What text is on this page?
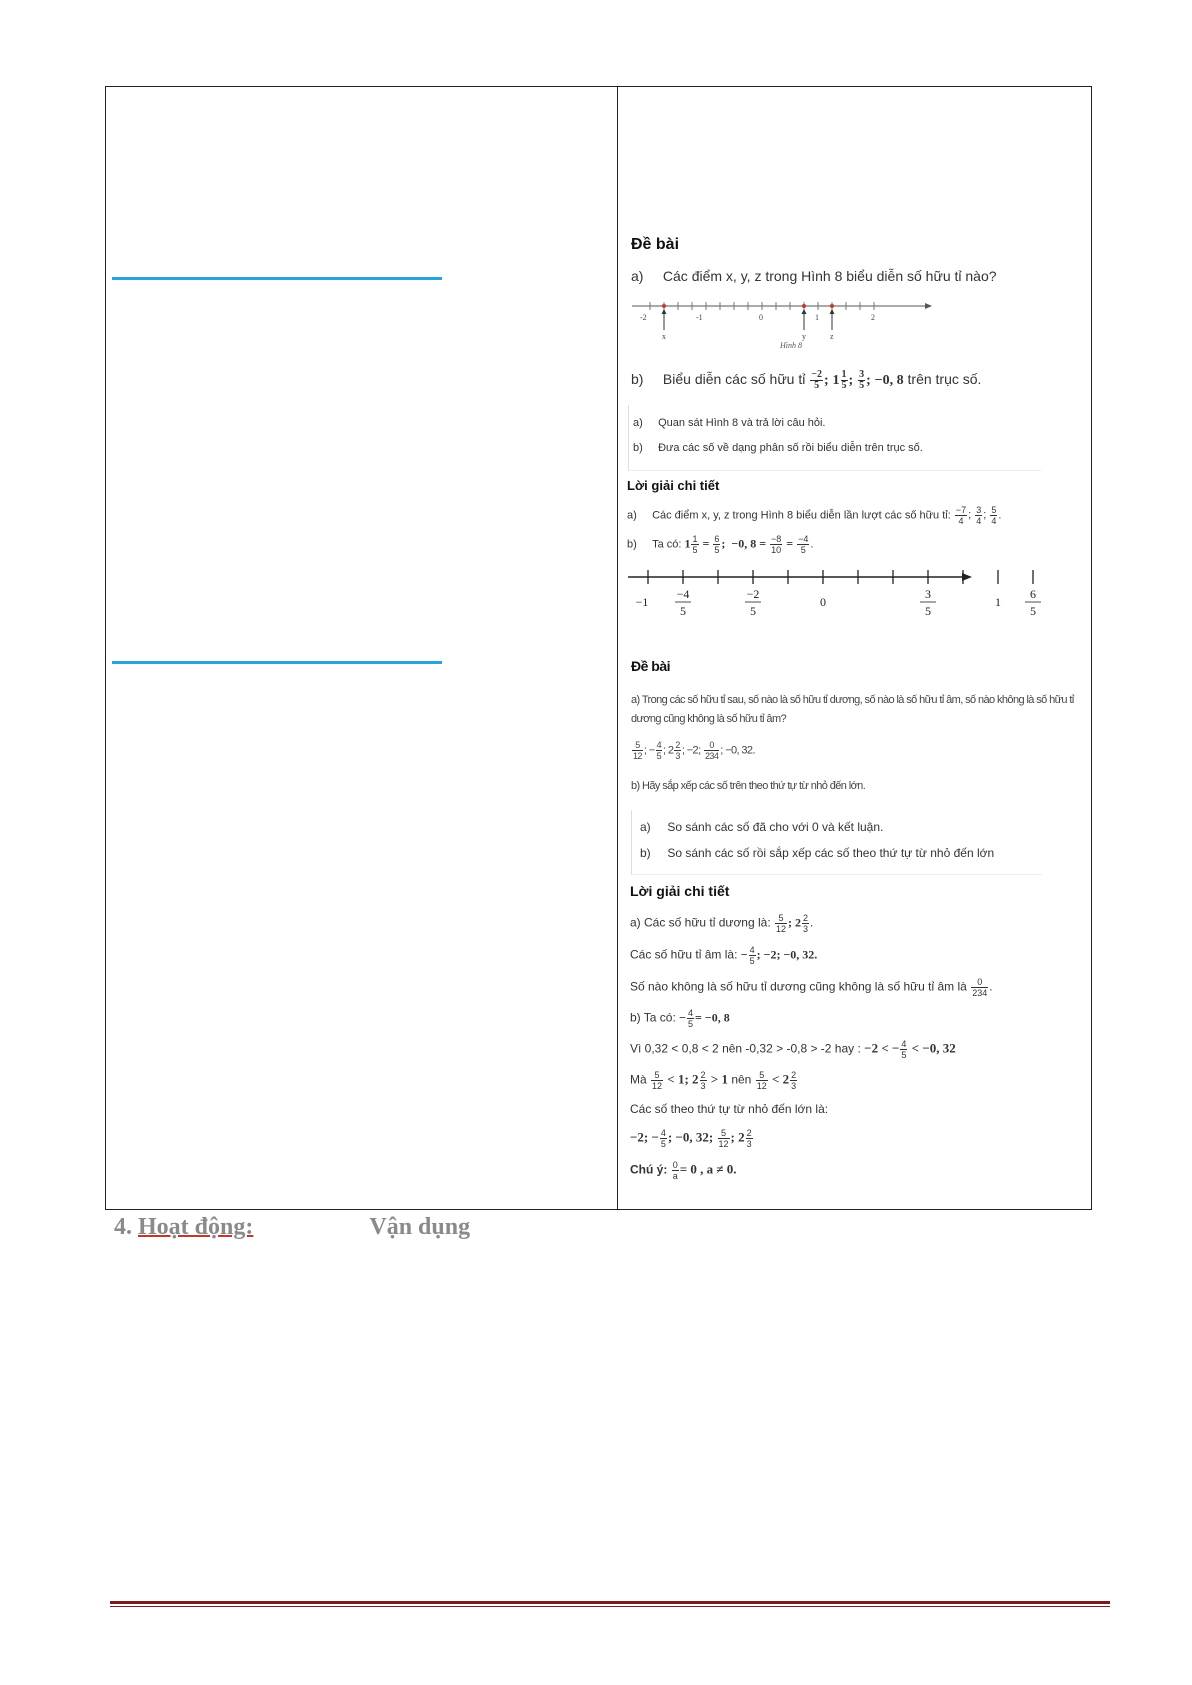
Đề bài
a) Các điểm x, y, z trong Hình 8 biểu diễn số hữu tỉ nào?
-2	-1	0	1	2
x	y	z
Hình 8
b) Biểu diễn các số hữu tỉ $\frac{-2}{5}$ ; $1 \frac{1}{5}$ ; $\frac{3}{5}$ ; −0, 8 trên trục số.
a)     Quan sát Hình 8 và trả lời câu hỏi.
b)     Đưa các số về dạng phân số rồi biểu diễn trên trục số.
Lời giải chi tiết
a)     Các điểm x, y, z trong Hình 8 biểu diễn lần lượt các số hữu tỉ: $\frac{-7}{4}$ ; $\frac{3}{4}$ ; $\frac{5}{4}$ .
b)     Ta có: $1 \frac{1}{5} = \frac{6}{5}$ ;  −0, $8 = \frac{-8}{10} = \frac{-4}{5}$ .
−1
−4
5
−2
5
0
3
5
1
6
5
Đề bài
a) Trong các số hữu tỉ sau, số nào là số hữu tỉ dương, số nào là số hữu tỉ âm, số nào không là số hữu tỉ
dương cũng không là số hữu tỉ âm?
$\frac{5}{12}$ ; − $\frac{4}{5}$ ; $2 \frac{2}{3}$ ; −2; $\frac{0}{234}$ ; −0, 32.
b) Hãy sắp xếp các số trên theo thứ tự từ nhỏ đến lớn.
a) So sánh các số đã cho với 0 và kết luận.
b) So sánh các số rồi sắp xếp các số theo thứ tự từ nhỏ đến lớn
Lời giải chi tiết
a) Các số hữu tỉ dương là: $\frac{5}{12}$ ; $2 \frac{2}{3}$ .
Các số hữu tỉ âm là: − $\frac{4}{5}$ ; −2; −0, 32.
Số nào không là số hữu tỉ dương cũng không là số hữu tỉ âm là $\frac{0}{234}$ .
b) Ta có: − $\frac{4}{5} = -0$, 8
Vì 0,32 < 0,8 < 2 nên -0,32 > -0,8 > -2 hay : −2 < − $\frac{4}{5} < -0$, 32
Mà $\frac{5}{12} < 1$; $2 \frac{2}{3} > 1$ nên $\frac{5}{12} < 2 \frac{2}{3}$
Các số theo thứ tự từ nhỏ đến lớn là:
−2; − $\frac{4}{5}$ ; −0, 32; $\frac{5}{12}$ ; $2 \frac{2}{3}$
Chú ý: $\frac{0}{a} = 0$ , a ≠ 0.
4. Hoạt động:	Vận dụng
